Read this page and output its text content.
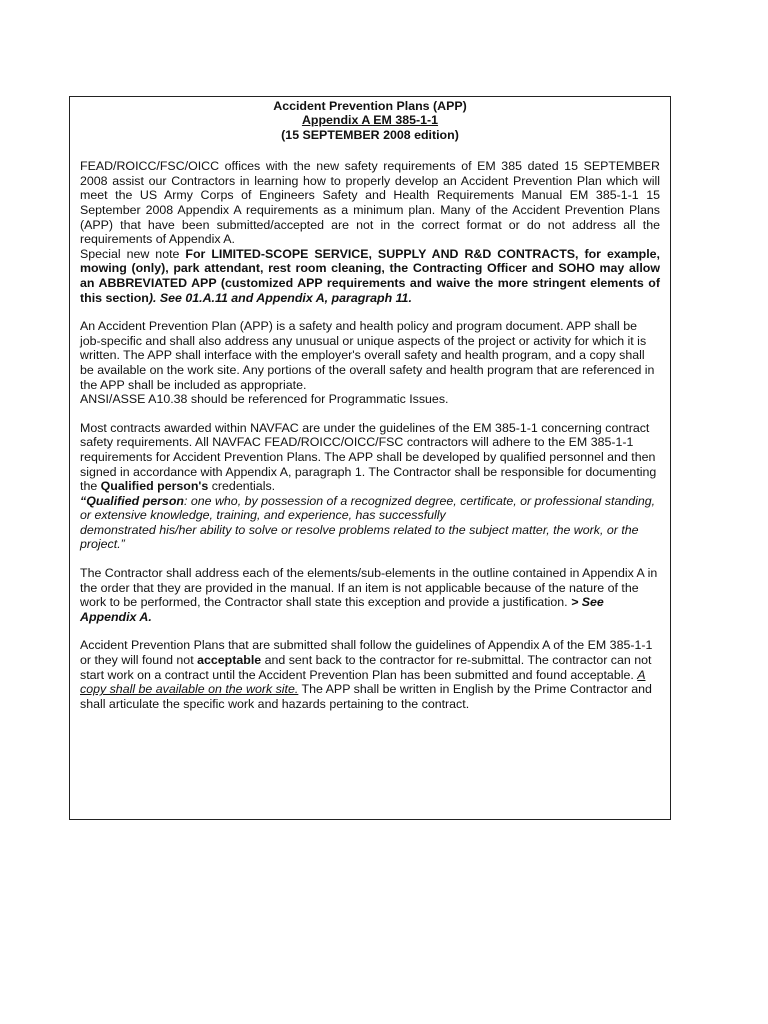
Accident Prevention Plans (APP)
Appendix A EM 385-1-1
(15 SEPTEMBER 2008 edition)

FEAD/ROICC/FSC/OICC offices with the new safety requirements of EM 385 dated 15 SEPTEMBER 2008 assist our Contractors in learning how to properly develop an Accident Prevention Plan which will meet the US Army Corps of Engineers Safety and Health Requirements Manual EM 385-1-1 15 September 2008 Appendix A requirements as a minimum plan. Many of the Accident Prevention Plans (APP) that have been submitted/accepted are not in the correct format or do not address all the requirements of Appendix A.

Special new note For LIMITED-SCOPE SERVICE, SUPPLY AND R&D CONTRACTS, for example, mowing (only), park attendant, rest room cleaning, the Contracting Officer and SOHO may allow an ABBREVIATED APP (customized APP requirements and waive the more stringent elements of this section). See 01.A.11 and Appendix A, paragraph 11.

An Accident Prevention Plan (APP) is a safety and health policy and program document. APP shall be job-specific and shall also address any unusual or unique aspects of the project or activity for which it is written. The APP shall interface with the employer's overall safety and health program, and a copy shall be available on the work site. Any portions of the overall safety and health program that are referenced in the APP shall be included as appropriate.
ANSI/ASSE A10.38 should be referenced for Programmatic Issues.

Most contracts awarded within NAVFAC are under the guidelines of the EM 385-1-1 concerning contract safety requirements. All NAVFAC FEAD/ROICC/OICC/FSC contractors will adhere to the EM 385-1-1 requirements for Accident Prevention Plans. The APP shall be developed by qualified personnel and then signed in accordance with Appendix A, paragraph 1. The Contractor shall be responsible for documenting the Qualified person's credentials.

“Qualified person: one who, by possession of a recognized degree, certificate, or professional standing, or extensive knowledge, training, and experience, has successfully
demonstrated his/her ability to solve or resolve problems related to the subject matter, the work, or the project.”

The Contractor shall address each of the elements/sub-elements in the outline contained in Appendix A in the order that they are provided in the manual. If an item is not applicable because of the nature of the work to be performed, the Contractor shall state this exception and provide a justification. > See Appendix A.

Accident Prevention Plans that are submitted shall follow the guidelines of Appendix A of the EM 385-1-1 or they will found not acceptable and sent back to the contractor for re-submittal. The contractor can not start work on a contract until the Accident Prevention Plan has been submitted and found acceptable. A copy shall be available on the work site. The APP shall be written in English by the Prime Contractor and shall articulate the specific work and hazards pertaining to the contract.
